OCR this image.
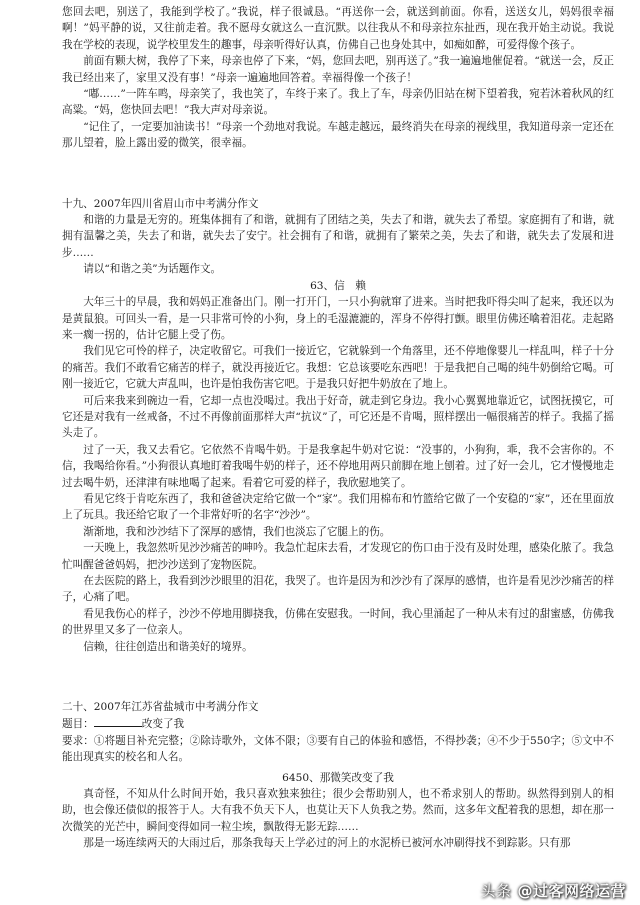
您回去吧，别送了，我能到学校了。”我说，样子很诚恳。“再送你一会，就送到前面。你看，送送女儿，妈妈很幸福啊！”妈平静的说，又往前走着。我不愿母女就这么一直沉默。以往我从不和母亲拉东扯西，现在我开始主动说。我说我在学校的表现，说学校里发生的趣事，母亲听得好认真，仿佛自己也身处其中，如痴如醉，可爱得像个孩子。

前面有颗大树，我停了下来，母亲也停了下来，“妈，您回去吧，别再送了。”我一遍遍地催促着。“就送一会，反正我已经出来了，家里又没有事！”母亲一遍遍地回答着。幸福得像一个孩子！

“嘟……”一阵车鸣，母亲笑了，我也笑了，车终于来了。我上了车，母亲仍旧站在树下望着我，宛若沐着秋风的红高粱。“妈，您快回去吧！”我大声对母亲说。

“记住了，一定要加油读书！”母亲一个劲地对我说。车越走越远，最终消失在母亲的视线里，我知道母亲一定还在那儿望着，脸上露出爱的微笑，很幸福。

十九、2007年四川省眉山市中考满分作文

和谐的力量是无穷的。班集体拥有了和谐，就拥有了团结之美，失去了和谐，就失去了希望。家庭拥有了和谐，就拥有温馨之美，失去了和谐，就失去了安宁。社会拥有了和谐，就拥有了繁荣之美，失去了和谐，就失去了发展和进步……

请以“和谐之美”为话题作文。

63、信　赖

大年三十的早晨，我和妈妈正准备出门。刚一打开门，一只小狗就窜了进来。当时把我吓得尖叫了起来，我还以为是黄鼠狼。可回头一看，是一只非常可怜的小狗，身上的毛湿漉漉的，浑身不停得打颤。眼里仿佛还噙着泪花。走起路来一瘸一拐的，估计它腿上受了伤。

我们见它可怜的样子，决定收留它。可我们一接近它，它就躲到一个角落里，还不停地像婴儿一样乱叫，样子十分的痛苦。我们不敢看它痛苦的样子，就没再接近它。我想：它总该要吃东西吧！于是我把自己喝的纯牛奶倒给它喝。可刚一接近它，它就大声乱叫，也许是怕我伤害它吧。于是我只好把牛奶放在了地上。

可后来我来到碗边一看，它却一点也没喝过。我出于好奇，就走到它身边。我小心翼翼地靠近它，试图抚摸它，可它还是对我有一丝戒备，不过不再像前面那样大声“抗议”了，可它还是不肯喝，照样摆出一幅很痛苦的样子。我摇了摇头走了。

过了一天，我又去看它。它依然不肯喝牛奶。于是我拿起牛奶对它说：“没事的，小狗狗，乖，我不会害你的。不信，我喝给你看。”小狗很认真地盯着我喝牛奶的样子，还不停地用两只前脚在地上刨着。过了好一会儿，它才慢慢地走过去喝牛奶，还津津有味地喝了起来。看着它可爱的样子，我欣慰地笑了。

看见它终于肯吃东西了，我和爸爸决定给它做一个“家”。我们用棉布和竹篮给它做了一个安稳的“家”，还在里面放上了玩具。我还给它取了一个非常好听的名字“沙沙”。

渐渐地，我和沙沙结下了深厚的感情，我们也淡忘了它腿上的伤。

一天晚上，我忽然听见沙沙痛苦的呻吟。我急忙起床去看，才发现它的伤口由于没有及时处理，感染化脓了。我急忙叫醒爸爸妈妈，把沙沙送到了宠物医院。

在去医院的路上，我看到沙沙眼里的泪花，我哭了。也许是因为和沙沙有了深厚的感情，也许是看见沙沙痛苦的样子，心痛了吧。

看见我伤心的样子，沙沙不停地用脚挠我，仿佛在安慰我。一时间，我心里涌起了一种从未有过的甜蜜感，仿佛我的世界里又多了一位亲人。

信赖，往往创造出和谐美好的境界。

二十、2007年江苏省盐城市中考满分作文

题目：	改变了我

要求：①将题目补充完整；②除诗歌外，文体不限；③要有自己的体验和感悟，不得抄袭；④不少于550字；⑤文中不能出现真实的校名和人名。

6450、那微笑改变了我

真奇怪，不知从什么时间开始，我只喜欢独来独往；很少会帮助别人，也不希求别人的帮助。纵然得到别人的相助，也会像还债似的报答于人。大有我不负天下人，也莫让天下人负我之势。然而，这多年文配着我的思想，却在那一次微笑的光芒中，瞬间变得如同一粒尘埃，飘散得无影无踪……

那是一场连续两天的大雨过后，那条我每天上学必过的河上的水泥桥已被河水冲刷得找不到踪影。只有那

头条 @过客网络运营
